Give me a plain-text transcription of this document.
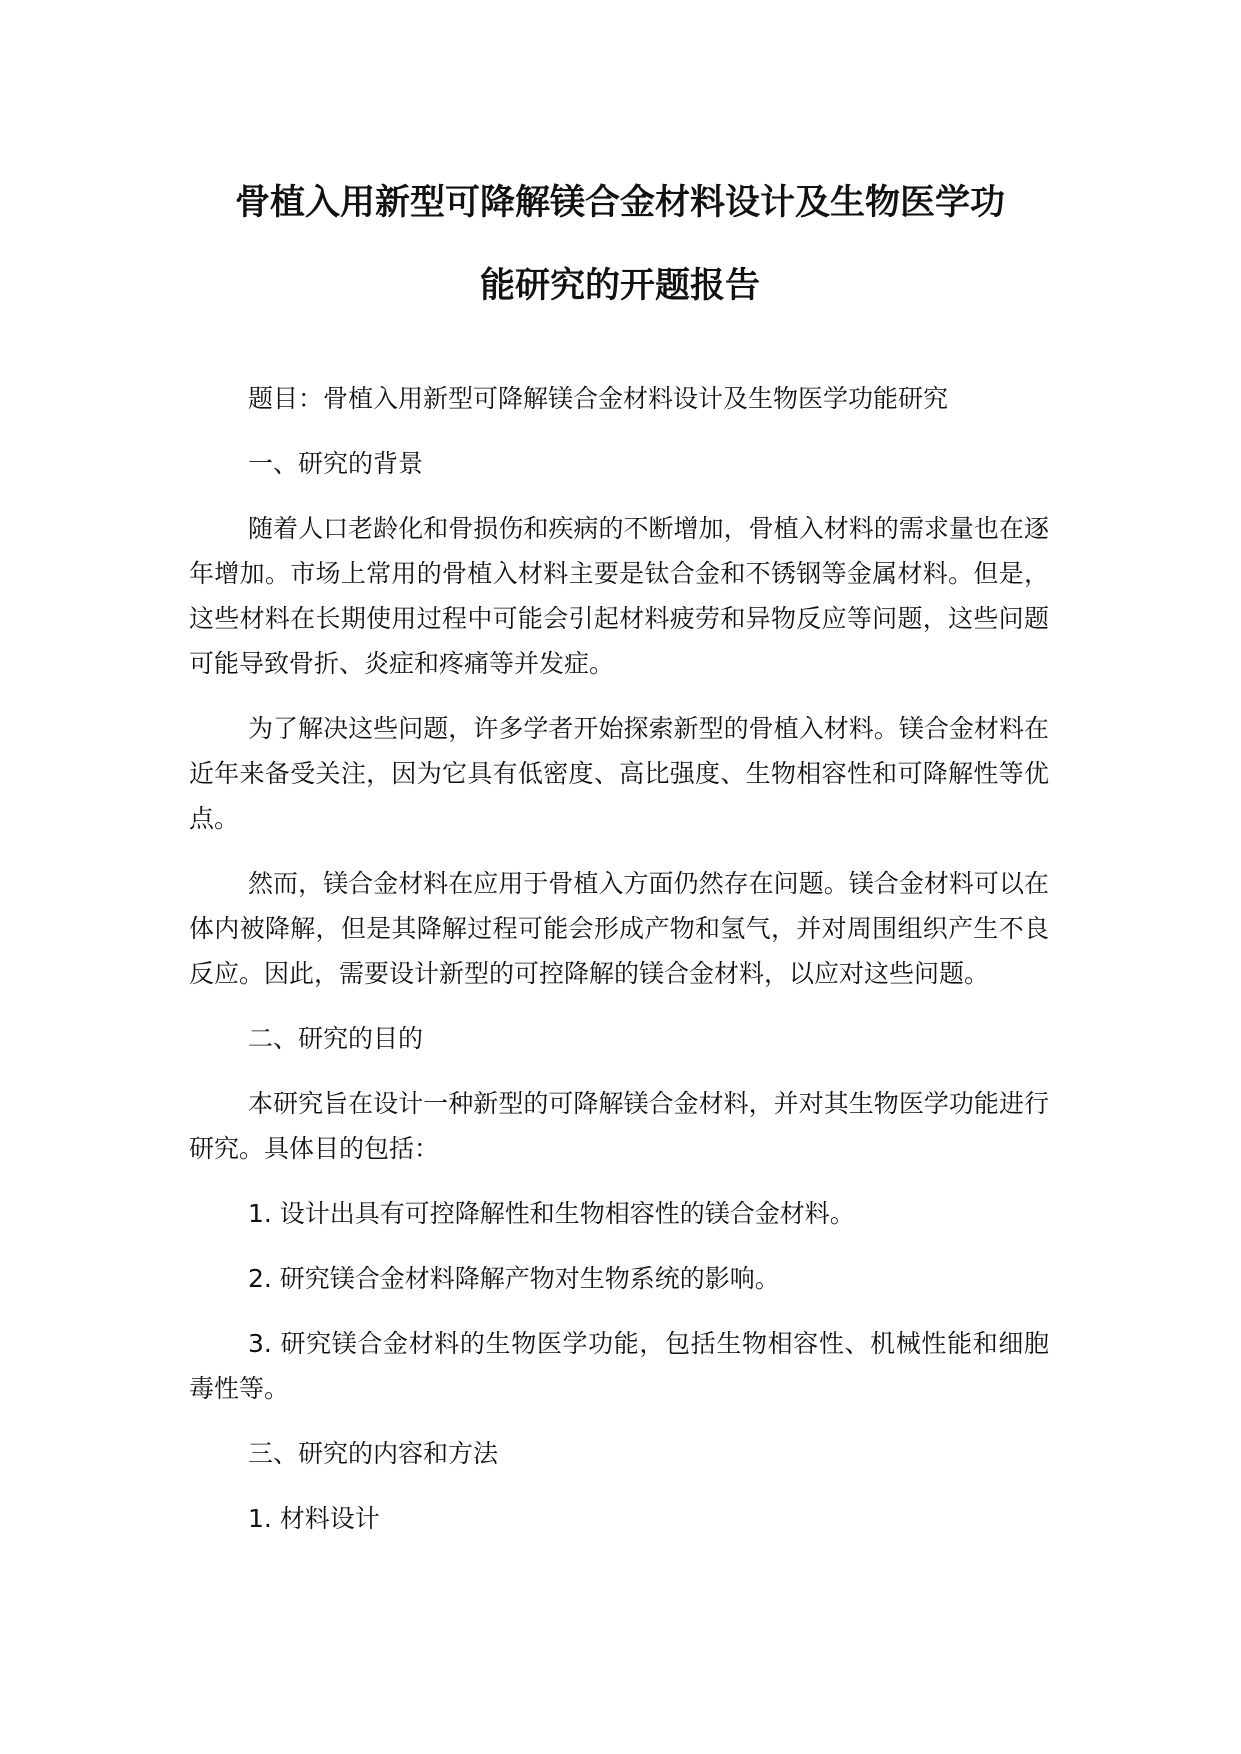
骨植入用新型可降解镁合金材料设计及生物医学功
能研究的开题报告

题目：骨植入用新型可降解镁合金材料设计及生物医学功能研究

一、研究的背景

随着人口老龄化和骨损伤和疾病的不断增加，骨植入材料的需求量也在逐年增加。市场上常用的骨植入材料主要是钛合金和不锈钢等金属材料。但是，这些材料在长期使用过程中可能会引起材料疲劳和异物反应等问题，这些问题可能导致骨折、炎症和疼痛等并发症。

为了解决这些问题，许多学者开始探索新型的骨植入材料。镁合金材料在近年来备受关注，因为它具有低密度、高比强度、生物相容性和可降解性等优点。

然而，镁合金材料在应用于骨植入方面仍然存在问题。镁合金材料可以在体内被降解，但是其降解过程可能会形成产物和氢气，并对周围组织产生不良反应。因此，需要设计新型的可控降解的镁合金材料，以应对这些问题。

二、研究的目的

本研究旨在设计一种新型的可降解镁合金材料，并对其生物医学功能进行研究。具体目的包括：

1. 设计出具有可控降解性和生物相容性的镁合金材料。

2. 研究镁合金材料降解产物对生物系统的影响。

3. 研究镁合金材料的生物医学功能，包括生物相容性、机械性能和细胞毒性等。

三、研究的内容和方法

1. 材料设计
